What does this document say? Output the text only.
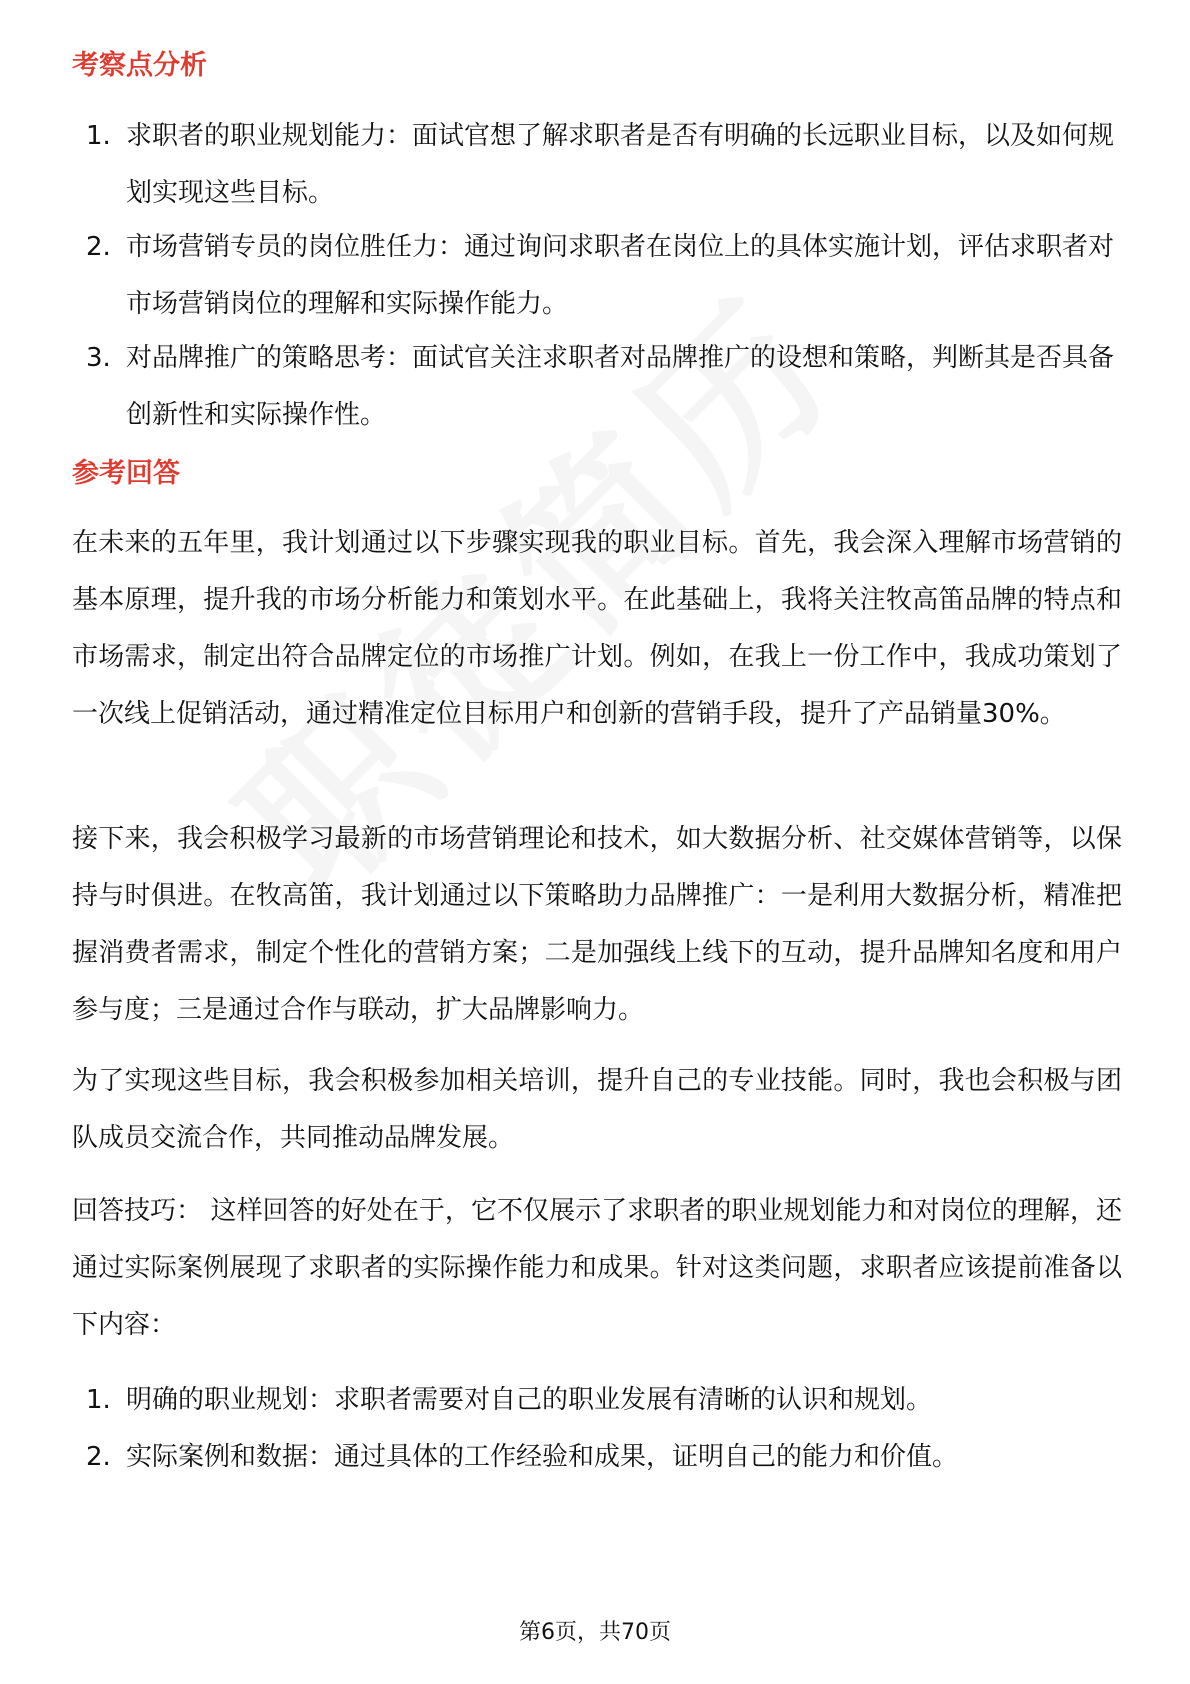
考察点分析
1. 求职者的职业规划能力：面试官想了解求职者是否有明确的长远职业目标，以及如何规划实现这些目标。
2. 市场营销专员的岗位胜任力：通过询问求职者在岗位上的具体实施计划，评估求职者对市场营销岗位的理解和实际操作能力。
3. 对品牌推广的策略思考：面试官关注求职者对品牌推广的设想和策略，判断其是否具备创新性和实际操作性。
参考回答

在未来的五年里，我计划通过以下步骤实现我的职业目标。首先，我会深入理解市场营销的基本原理，提升我的市场分析能力和策划水平。在此基础上，我将关注牧高笛品牌的特点和市场需求，制定出符合品牌定位的市场推广计划。例如，在我上一份工作中，我成功策划了一次线上促销活动，通过精准定位目标用户和创新的营销手段，提升了产品销量30%。

接下来，我会积极学习最新的市场营销理论和技术，如大数据分析、社交媒体营销等，以保持与时俱进。在牧高笛，我计划通过以下策略助力品牌推广：一是利用大数据分析，精准把握消费者需求，制定个性化的营销方案；二是加强线上线下的互动，提升品牌知名度和用户参与度；三是通过合作与联动，扩大品牌影响力。

为了实现这些目标，我会积极参加相关培训，提升自己的专业技能。同时，我也会积极与团队成员交流合作，共同推动品牌发展。

回答技巧： 这样回答的好处在于，它不仅展示了求职者的职业规划能力和对岗位的理解，还通过实际案例展现了求职者的实际操作能力和成果。针对这类问题，求职者应该提前准备以下内容：

1. 明确的职业规划：求职者需要对自己的职业发展有清晰的认识和规划。
2. 实际案例和数据：通过具体的工作经验和成果，证明自己的能力和价值。
第6页，共70页
